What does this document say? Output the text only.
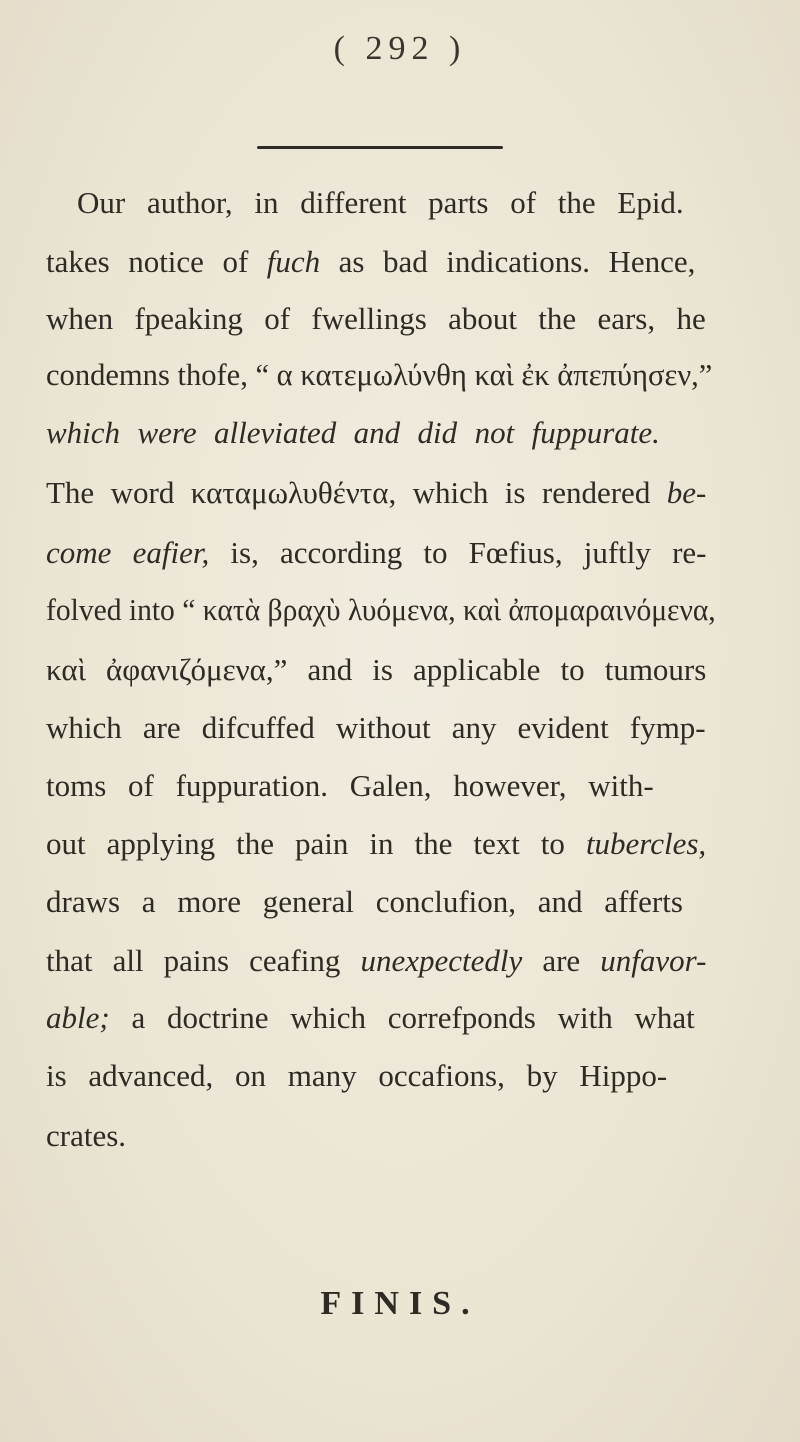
( 292 )
Our author, in different parts of the Epid.
takes notice of fuch as bad indications. Hence,
when fpeaking of fwellings about the ears, he
condemns thofe, “ α κατεμωλύνθη καὶ ἐκ ἀπεπύησεν,”
which were alleviated and did not fuppurate.
The word καταμωλυθέντα, which is rendered be-
come eafier, is, according to Fœfius, juftly re-
folved into “ κατὰ βραχὺ λυόμενα, καὶ ἀπομαραινόμενα,
καὶ ἀφανιζόμενα,” and is applicable to tumours
which are difcuffed without any evident fymp-
toms of fuppuration. Galen, however, with-
out applying the pain in the text to tubercles,
draws a more general conclufion, and afferts
that all pains ceafing unexpectedly are unfavor-
able; a doctrine which correfponds with what
is advanced, on many occafions, by Hippo-
crates.
FINIS.
